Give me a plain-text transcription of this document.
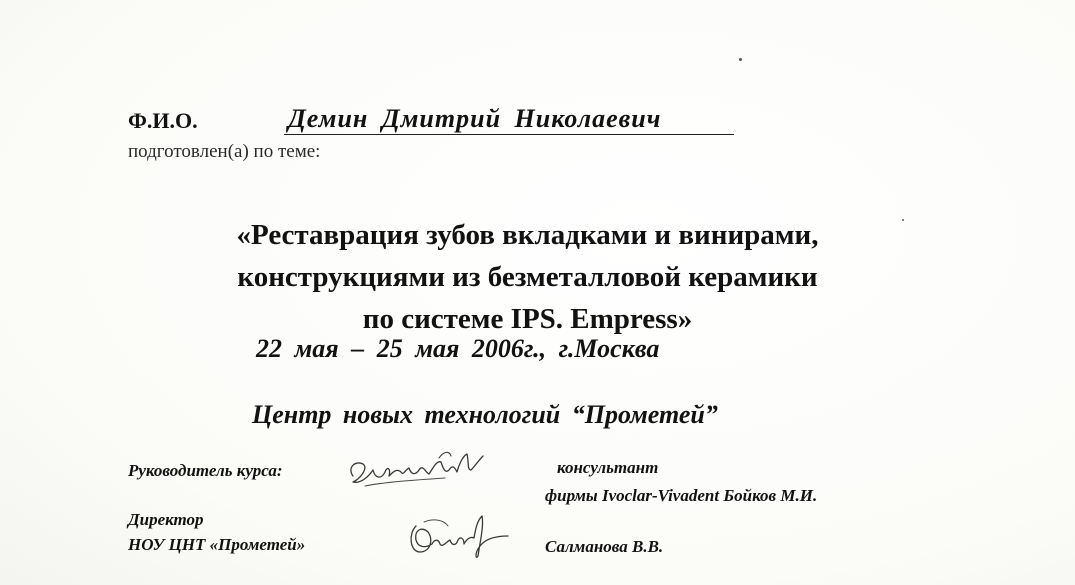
Ф.И.О.	Демин Дмитрий Николаевич
подготовлен(а) по теме:
«Реставрация зубов вкладками и винирами,
конструкциями из безметалловой керамики
по системе IPS. Empress»
22 мая – 25 мая 2006г., г.Москва
Центр новых технологий “Прометей”
Руководитель курса:	консультант
фирмы Ivoclar-Vivadent Бойков М.И.
Директор
НОУ ЦНТ «Прометей»	Салманова В.В.
